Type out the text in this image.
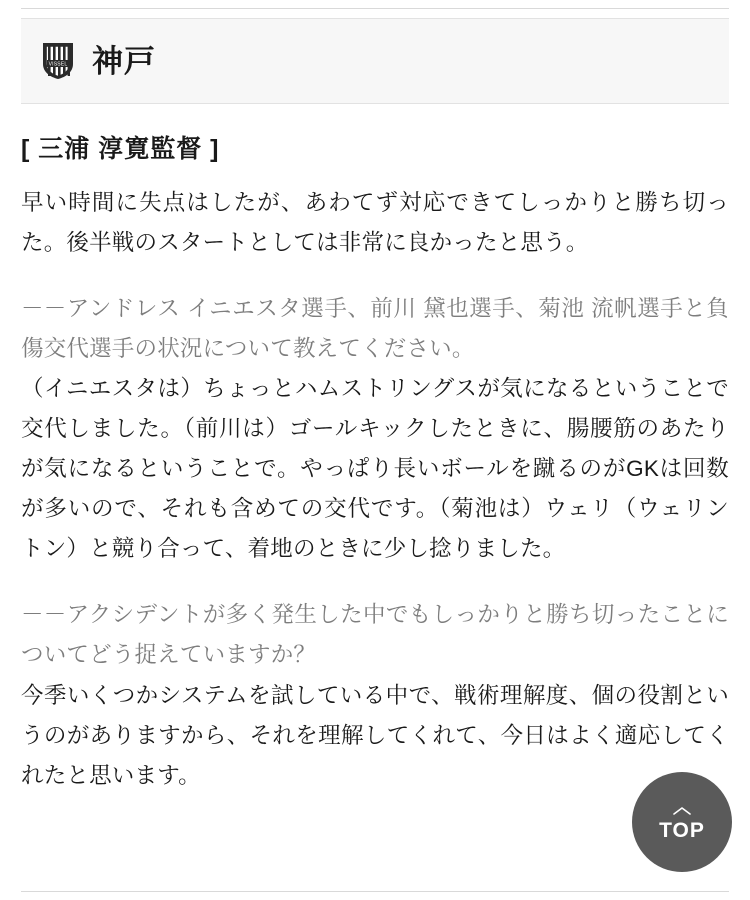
VISSEL 神戸
[ 三浦 淳寛監督 ]

早い時間に失点はしたが、あわてず対応できてしっかりと勝ち切った。後半戦のスタートとしては非常に良かったと思う。

－－アンドレス イニエスタ選手、前川 黛也選手、菊池 流帆選手と負傷交代選手の状況について教えてください。

（イニエスタは）ちょっとハムストリングスが気になるということで交代しました。（前川は）ゴールキックしたときに、腸腰筋のあたりが気になるということで。やっぱり長いボールを蹴るのがGKは回数が多いので、それも含めての交代です。（菊池は）ウェリ（ウェリントン）と競り合って、着地のときに少し捻りました。

－－アクシデントが多く発生した中でもしっかりと勝ち切ったことについてどう捉えていますか？

今季いくつかシステムを試している中で、戦術理解度、個の役割というのがありますから、それを理解してくれて、今日はよく適応してくれたと思います。

TOP
